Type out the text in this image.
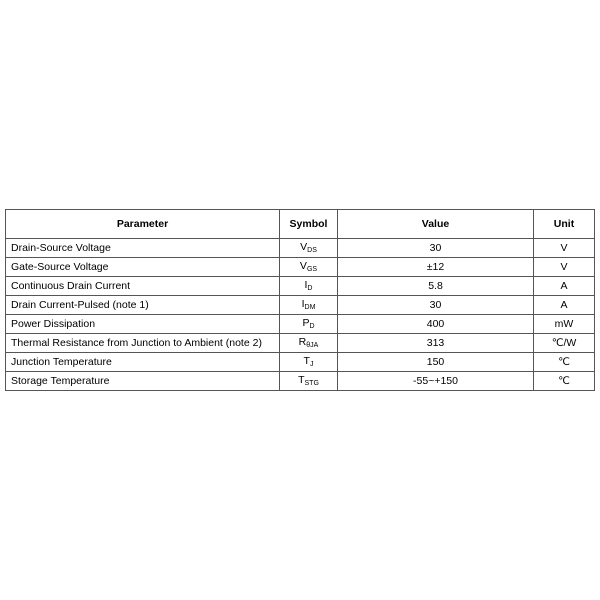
Parameter	Symbol	Value	Unit
Drain-Source Voltage	VDS	30	V
Gate-Source Voltage	VGS	±12	V
Continuous Drain Current	ID	5.8	A
Drain Current-Pulsed (note 1)	IDM	30	A
Power Dissipation	PD	400	mW
Thermal Resistance from Junction to Ambient (note 2)	RθJA	313	℃/W
Junction Temperature	TJ	150	℃
Storage Temperature	TSTG	-55~+150	℃
